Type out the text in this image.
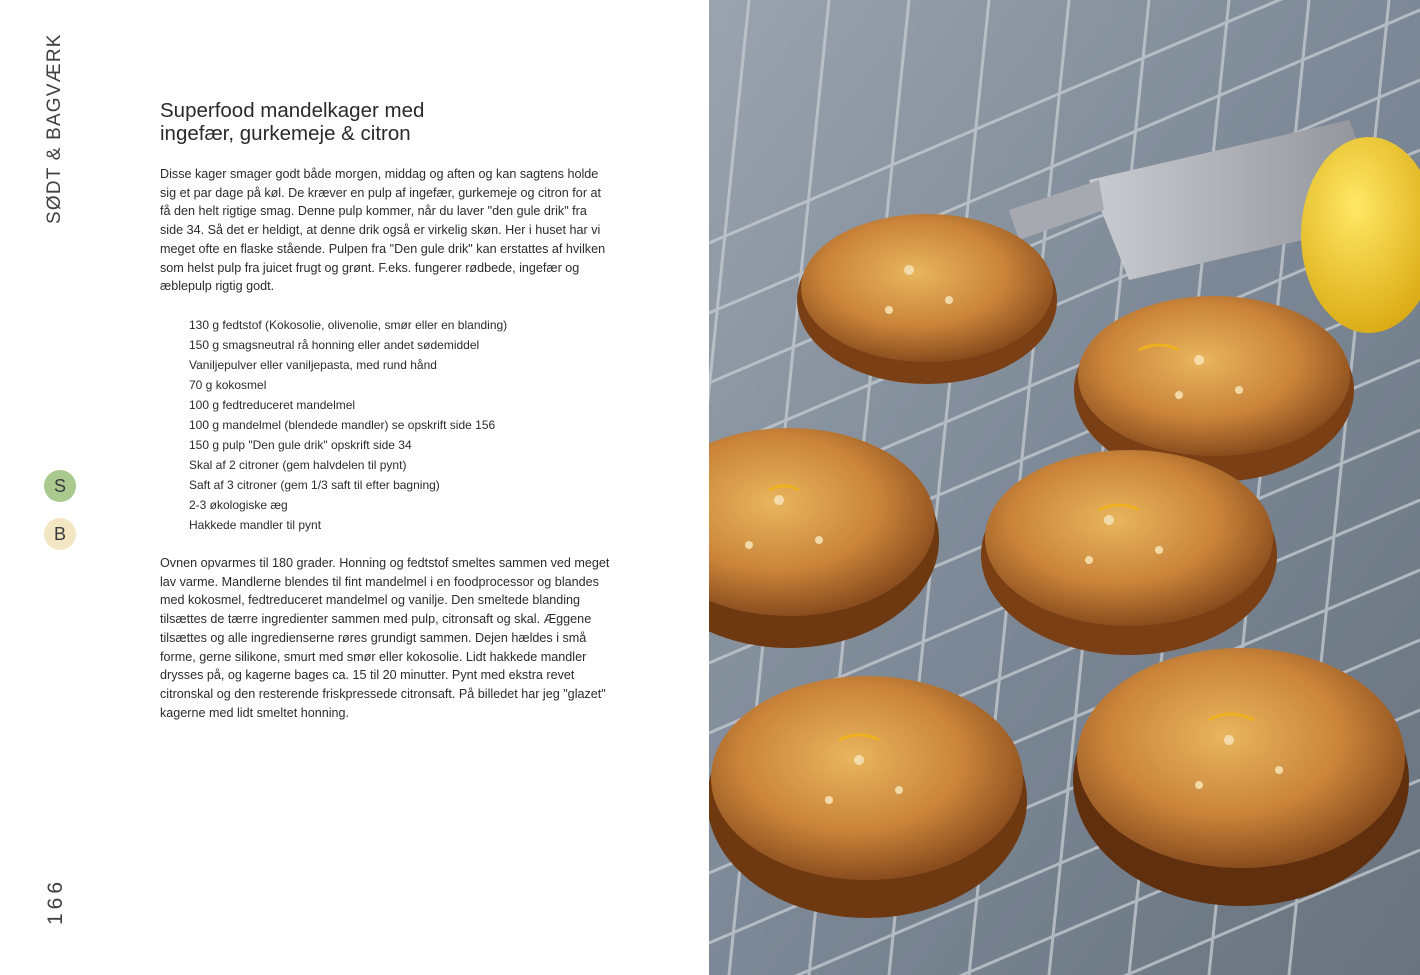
SØDT & BAGVÆRK	Superfood mandelkager med
ingefær, gurkemeje & citron

Disse kager smager godt både morgen, middag og aften og kan sagtens holde sig et par dage på køl. De kræver en pulp af ingefær, gurkemeje og citron for at få den helt rigtige smag. Denne pulp kommer, når du laver "den gule drik" fra side 34. Så det er heldigt, at denne drik også er virkelig skøn. Her i huset har vi meget ofte en flaske stående. Pulpen fra "Den gule drik" kan erstattes af hvilken som helst pulp fra juicet frugt og grønt. F.eks. fungerer rødbede, ingefær og æblepulp rigtig godt.

130 g fedtstof (Kokosolie, olivenolie, smør eller en blanding)
150 g smagsneutral rå honning eller andet sødemiddel
Vaniljepulver eller vaniljepasta, med rund hånd
70 g kokosmel
100 g fedtreduceret mandelmel
100 g mandelmel (blendede mandler) se opskrift side 156
150 g pulp "Den gule drik" opskrift side 34
Skal af 2 citroner (gem halvdelen til pynt)
Saft af 3 citroner (gem 1/3 saft til efter bagning)
2-3 økologiske æg
Hakkede mandler til pynt
S
B

Ovnen opvarmes til 180 grader. Honning og fedtstof smeltes sammen ved meget lav varme. Mandlerne blendes til fint mandelmel i en foodprocessor og blandes med kokosmel, fedtreduceret mandelmel og vanilje. Den smeltede blanding tilsættes de tærre ingredienter sammen med pulp, citronsaft og skal. Æggene tilsættes og alle ingredienserne røres grundigt sammen. Dejen hældes i små forme, gerne silikone, smurt med smør eller kokosolie. Lidt hakkede mandler drysses på, og kagerne bages ca. 15 til 20 minutter. Pynt med ekstra revet citronskal og den resterende friskpressede citronsaft. På billedet har jeg "glazet" kagerne med lidt smeltet honning.

166
